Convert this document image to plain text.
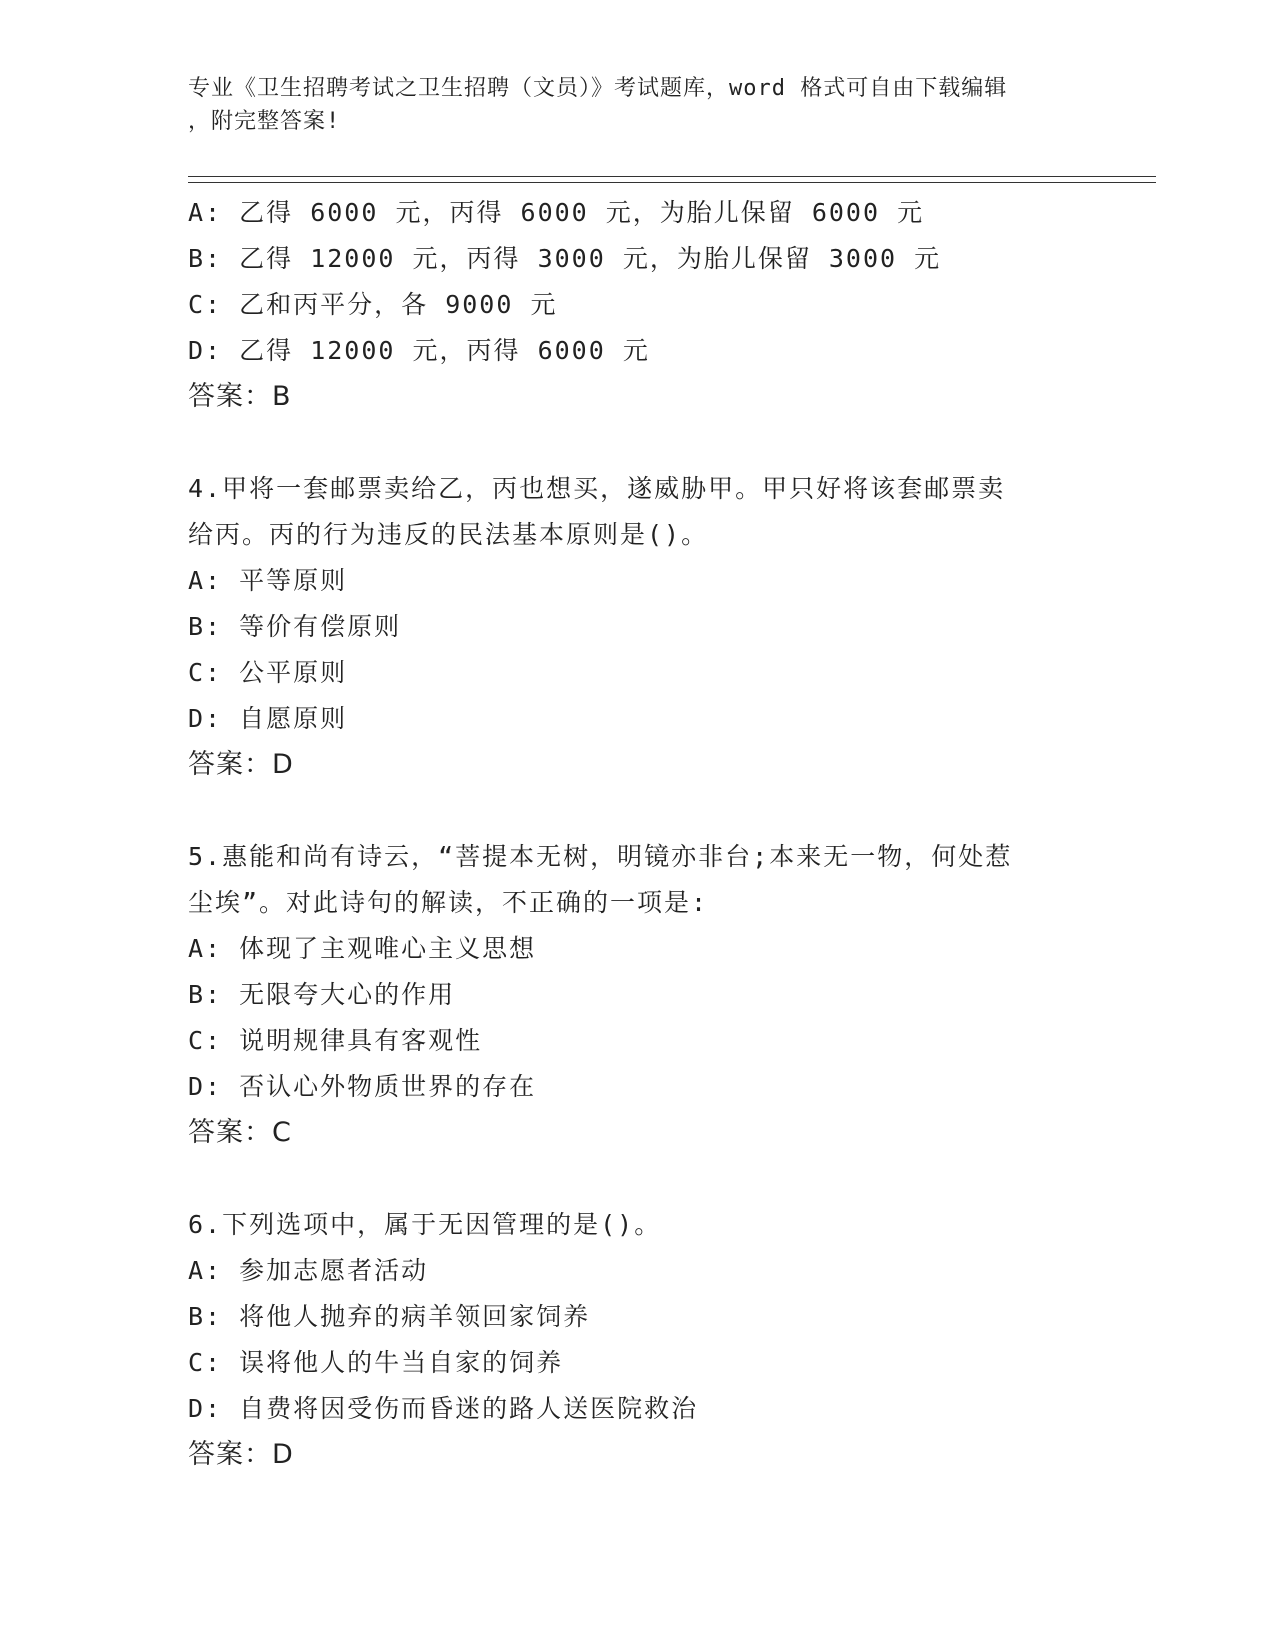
专业《卫生招聘考试之卫生招聘（文员）》考试题库，word 格式可自由下载编辑
，附完整答案!
A: 乙得 6000 元，丙得 6000 元，为胎儿保留 6000 元
B: 乙得 12000 元，丙得 3000 元，为胎儿保留 3000 元
C: 乙和丙平分，各 9000 元
D: 乙得 12000 元，丙得 6000 元
答案：B
4.甲将一套邮票卖给乙，丙也想买，遂威胁甲。甲只好将该套邮票卖
给丙。丙的行为违反的民法基本原则是()。
A: 平等原则
B: 等价有偿原则
C: 公平原则
D: 自愿原则
答案：D
5.惠能和尚有诗云，“菩提本无树，明镜亦非台;本来无一物，何处惹
尘埃”。对此诗句的解读，不正确的一项是:
A: 体现了主观唯心主义思想
B: 无限夸大心的作用
C: 说明规律具有客观性
D: 否认心外物质世界的存在
答案：C
6.下列选项中，属于无因管理的是()。
A: 参加志愿者活动
B: 将他人抛弃的病羊领回家饲养
C: 误将他人的牛当自家的饲养
D: 自费将因受伤而昏迷的路人送医院救治
答案：D
